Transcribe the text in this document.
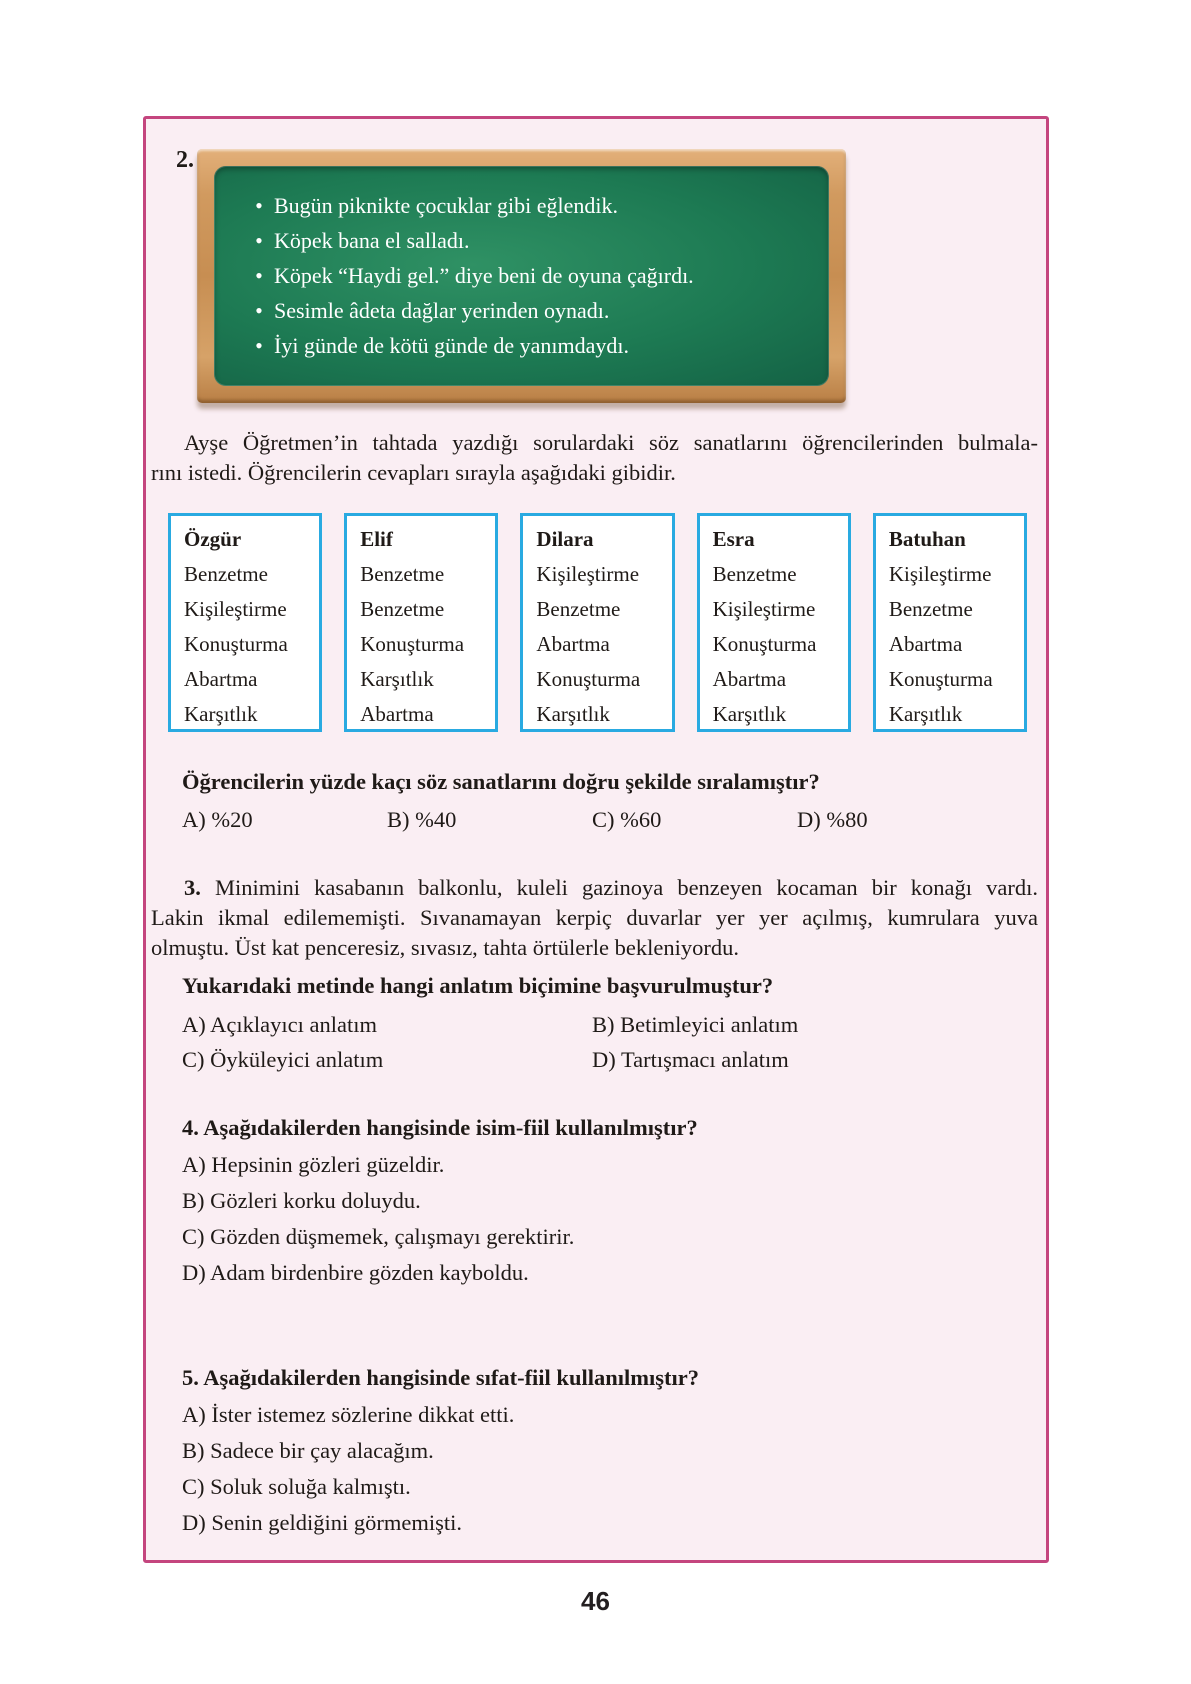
2.
• Bugün piknikte çocuklar gibi eğlendik.
• Köpek bana el salladı.
• Köpek “Haydi gel.” diye beni de oyuna çağırdı.
• Sesimle âdeta dağlar yerinden oynadı.
• İyi günde de kötü günde de yanımdaydı.
Ayşe Öğretmen’in tahtada yazdığı sorulardaki söz sanatlarını öğrencilerinden bulmala-
rını istedi. Öğrencilerin cevapları sırayla aşağıdaki gibidir.
Özgür
Benzetme
Kişileştirme
Konuşturma
Abartma
Karşıtlık
Elif
Benzetme
Benzetme
Konuşturma
Karşıtlık
Abartma
Dilara
Kişileştirme
Benzetme
Abartma
Konuşturma
Karşıtlık
Esra
Benzetme
Kişileştirme
Konuşturma
Abartma
Karşıtlık
Batuhan
Kişileştirme
Benzetme
Abartma
Konuşturma
Karşıtlık
Öğrencilerin yüzde kaçı söz sanatlarını doğru şekilde sıralamıştır?
A) %20	B) %40	C) %60	D) %80
3. Minimini kasabanın balkonlu, kuleli gazinoya benzeyen kocaman bir konağı vardı.
Lakin ikmal edilememişti. Sıvanamayan kerpiç duvarlar yer yer açılmış, kumrulara yuva
olmuştu. Üst kat penceresiz, sıvasız, tahta örtülerle bekleniyordu.
Yukarıdaki metinde hangi anlatım biçimine başvurulmuştur?
A) Açıklayıcı anlatım	B) Betimleyici anlatım
C) Öyküleyici anlatım	D) Tartışmacı anlatım
4. Aşağıdakilerden hangisinde isim-fiil kullanılmıştır?
A) Hepsinin gözleri güzeldir.
B) Gözleri korku doluydu.
C) Gözden düşmemek, çalışmayı gerektirir.
D) Adam birdenbire gözden kayboldu.
5. Aşağıdakilerden hangisinde sıfat-fiil kullanılmıştır?
A) İster istemez sözlerine dikkat etti.
B) Sadece bir çay alacağım.
C) Soluk soluğa kalmıştı.
D) Senin geldiğini görmemişti.
46
